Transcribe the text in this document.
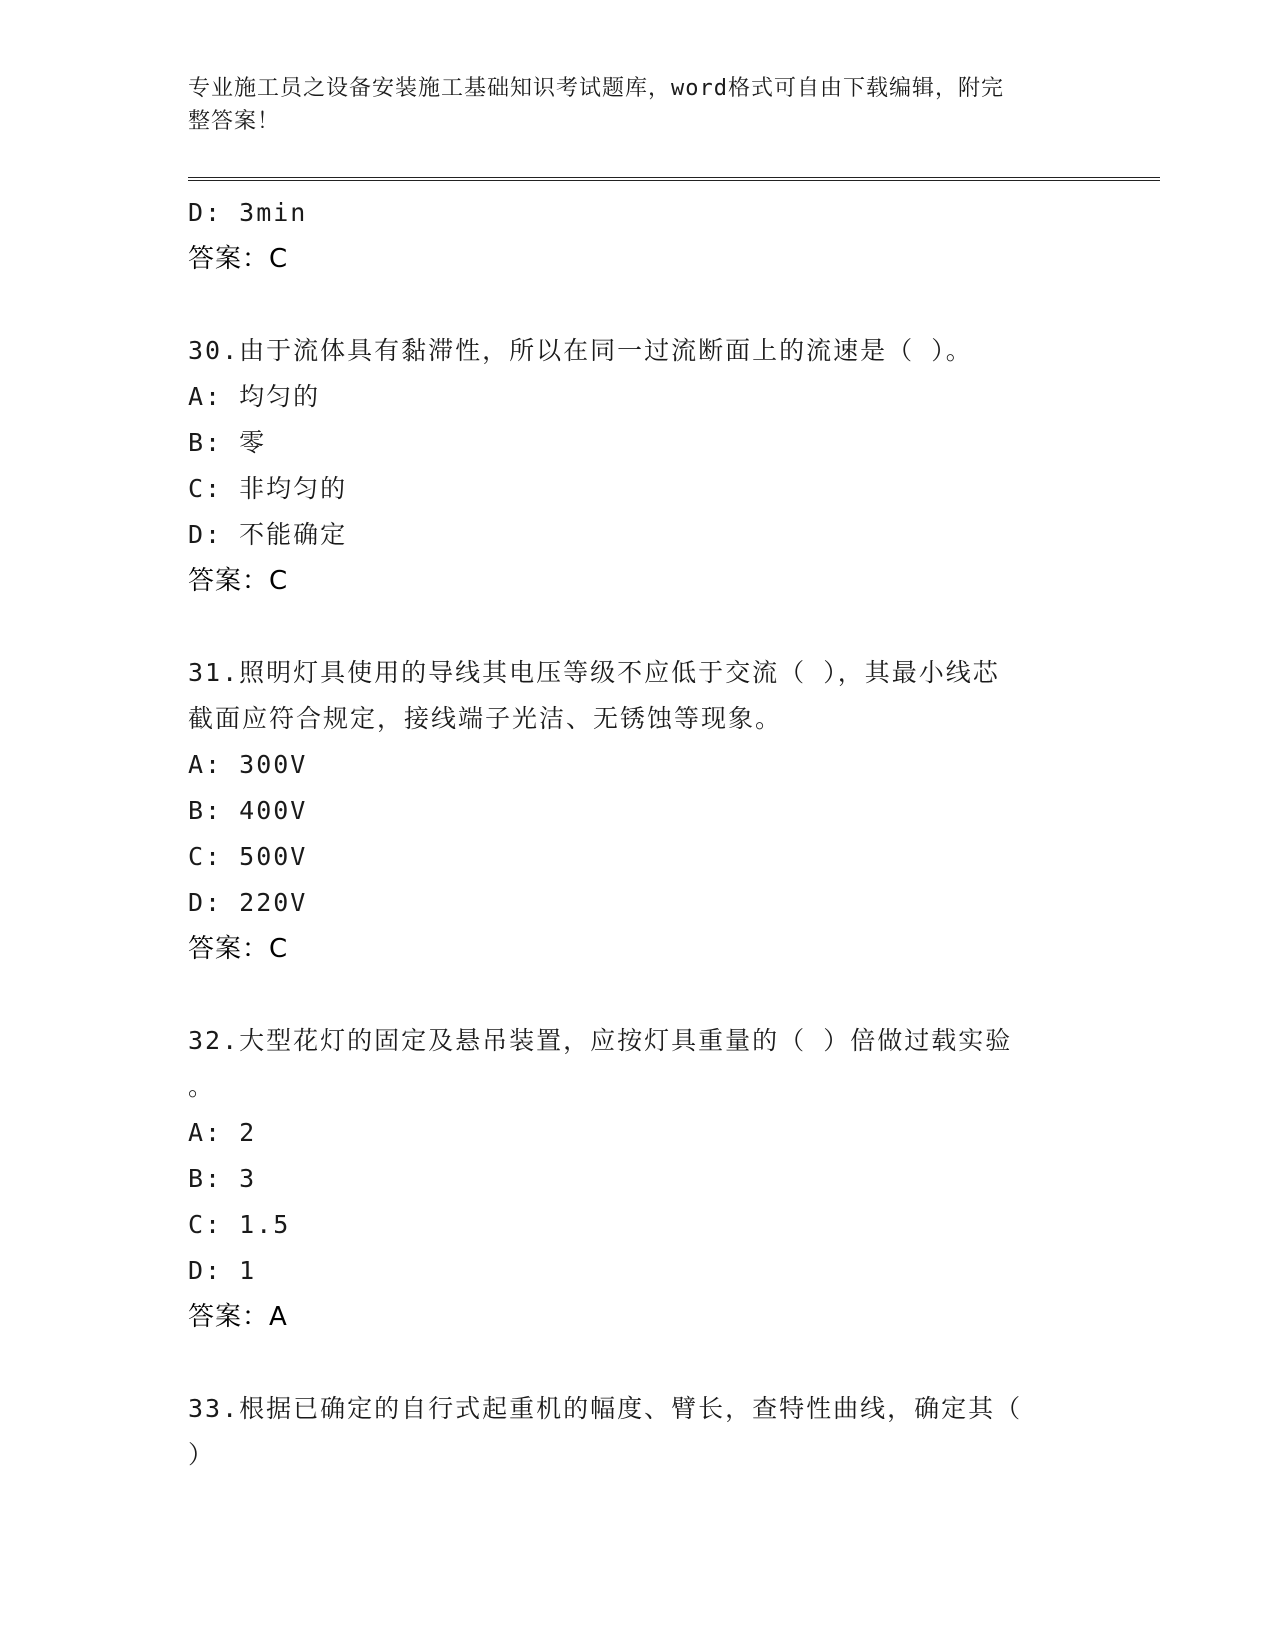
专业施工员之设备安装施工基础知识考试题库，word格式可自由下载编辑，附完
整答案！
D: 3min
答案：C
30.由于流体具有黏滞性，所以在同一过流断面上的流速是（ ）。
A: 均匀的
B: 零
C: 非均匀的
D: 不能确定
答案：C
31.照明灯具使用的导线其电压等级不应低于交流（ ），其最小线芯
截面应符合规定，接线端子光洁、无锈蚀等现象。
A: 300V
B: 400V
C: 500V
D: 220V
答案：C
32.大型花灯的固定及悬吊装置，应按灯具重量的（ ）倍做过载实验
。
A: 2
B: 3
C: 1.5
D: 1
答案：A
33.根据已确定的自行式起重机的幅度、臂长，查特性曲线，确定其（
）
